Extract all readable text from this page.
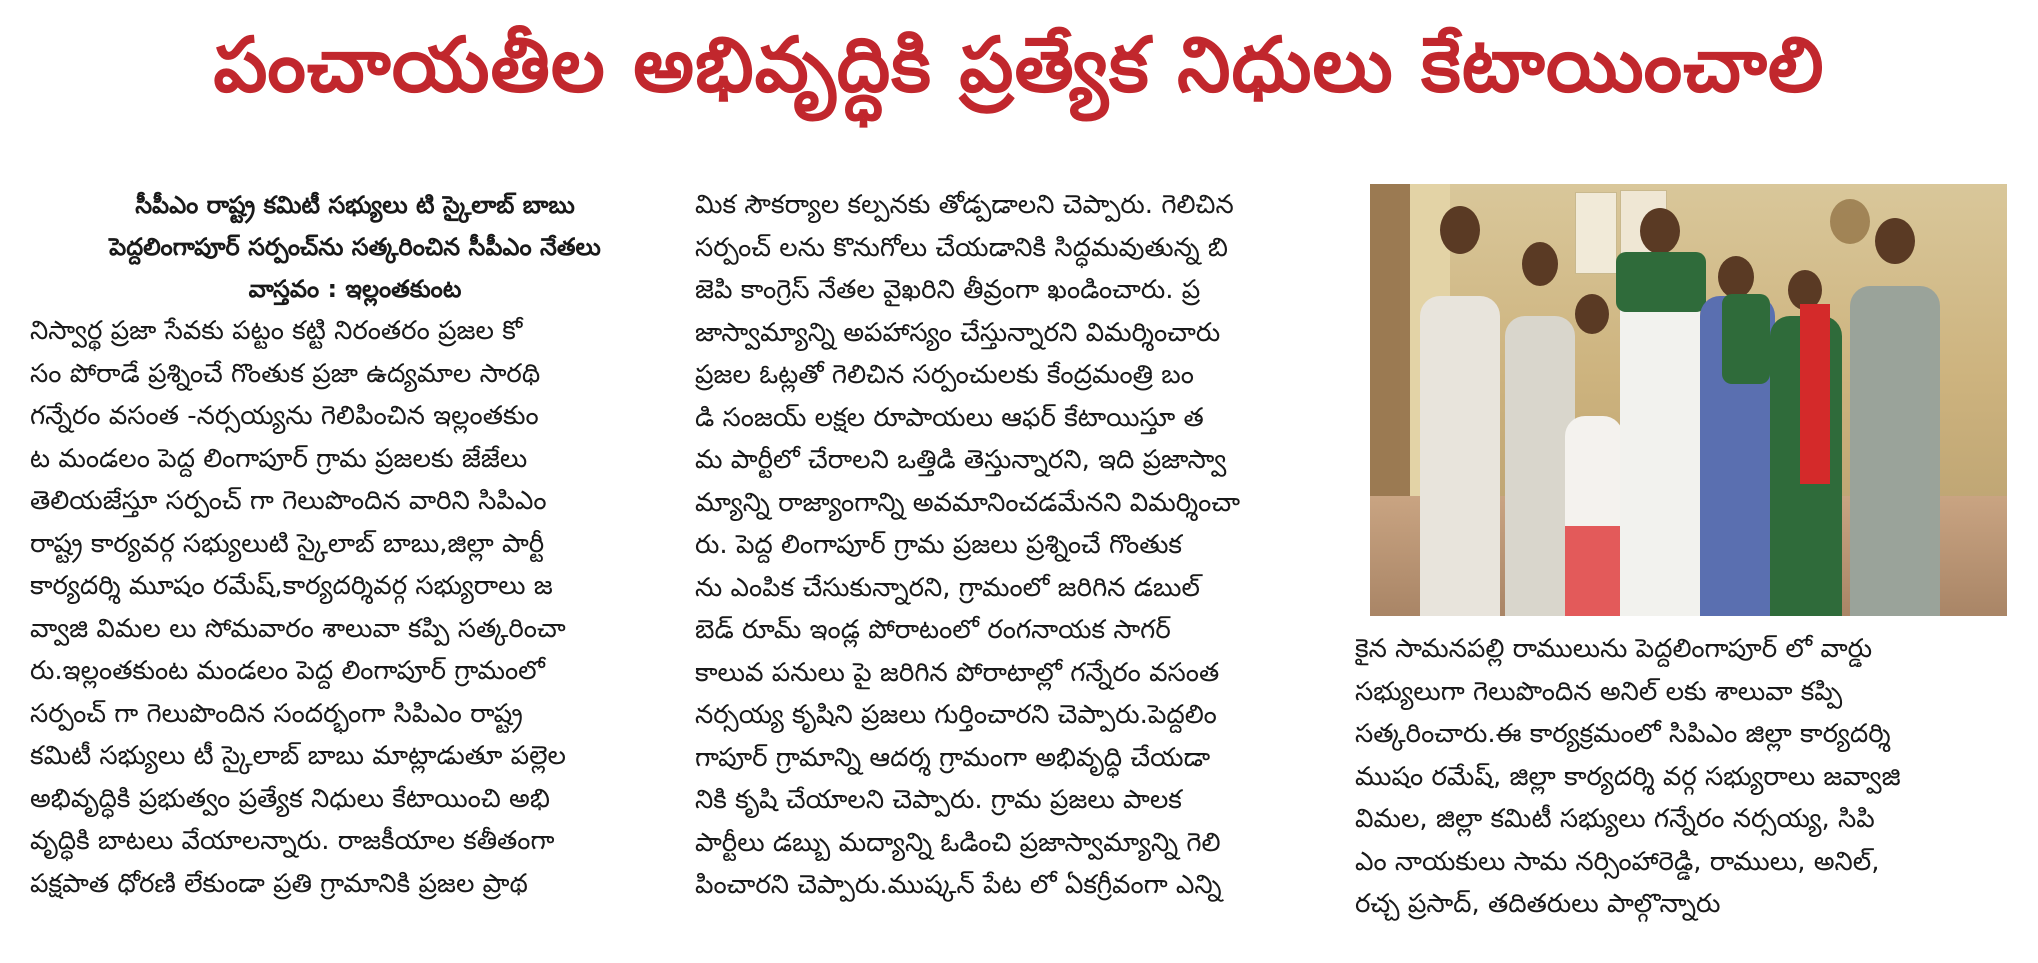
పంచాయతీల అభివృద్ధికి ప్రత్యేక నిధులు కేటాయించాలి
సీపీఎం రాష్ట్ర కమిటీ సభ్యులు టి స్కైలాబ్ బాబు
పెద్దలింగాపూర్ సర్పంచ్‌ను సత్కరించిన సీపీఎం నేతలు
వాస్తవం : ఇల్లంతకుంట
నిస్వార్థ ప్రజా సేవకు పట్టం కట్టి నిరంతరం ప్రజల కో
సం పోరాడే ప్రశ్నించే గొంతుక ప్రజా ఉద్యమాల సారథి
గన్నేరం వసంత -నర్సయ్యను గెలిపించిన ఇల్లంతకుం
ట మండలం పెద్ద లింగాపూర్ గ్రామ ప్రజలకు జేజేలు
తెలియజేస్తూ సర్పంచ్ గా గెలుపొందిన వారిని సిపిఎం
రాష్ట్ర కార్యవర్గ సభ్యులుటి స్కైలాబ్ బాబు,జిల్లా పార్టీ
కార్యదర్శి మూషం రమేష్,కార్యదర్శివర్గ సభ్యురాలు జ
వ్వాజి విమల లు సోమవారం శాలువా కప్పి సత్కరించా
రు.ఇల్లంతకుంట మండలం పెద్ద లింగాపూర్ గ్రామంలో
సర్పంచ్ గా గెలుపొందిన సందర్భంగా సిపిఎం రాష్ట్ర
కమిటీ సభ్యులు టీ స్కైలాబ్ బాబు మాట్లాడుతూ పల్లెల
అభివృద్ధికి ప్రభుత్వం ప్రత్యేక నిధులు కేటాయించి అభి
వృద్ధికి బాటలు వేయాలన్నారు. రాజకీయాల కతీతంగా
పక్షపాత ధోరణి లేకుండా ప్రతి గ్రామానికి ప్రజల ప్రాథ
మిక సౌకర్యాల కల్పనకు తోడ్పడాలని చెప్పారు. గెలిచిన
సర్పంచ్ లను కొనుగోలు చేయడానికి సిద్ధమవుతున్న బి
జెపి కాంగ్రెస్ నేతల వైఖరిని తీవ్రంగా ఖండించారు. ప్ర
జాస్వామ్యాన్ని అపహాస్యం చేస్తున్నారని విమర్శించారు
ప్రజల ఓట్లతో గెలిచిన సర్పంచులకు కేంద్రమంత్రి బం
డి సంజయ్ లక్షల రూపాయలు ఆఫర్ కేటాయిస్తూ త
మ పార్టీలో చేరాలని ఒత్తిడి తెస్తున్నారని, ఇది ప్రజాస్వా
మ్యాన్ని రాజ్యాంగాన్ని అవమానించడమేనని విమర్శించా
రు. పెద్ద లింగాపూర్ గ్రామ ప్రజలు ప్రశ్నించే గొంతుక
ను ఎంపిక చేసుకున్నారని, గ్రామంలో జరిగిన డబుల్
బెడ్ రూమ్ ఇండ్ల పోరాటంలో రంగనాయక సాగర్
కాలువ పనులు పై జరిగిన పోరాటాల్లో గన్నేరం వసంత
నర్సయ్య కృషిని ప్రజలు గుర్తించారని చెప్పారు.పెద్దలిం
గాపూర్ గ్రామాన్ని ఆదర్శ గ్రామంగా అభివృద్ధి చేయడా
నికి కృషి చేయాలని చెప్పారు. గ్రామ ప్రజలు పాలక
పార్టీలు డబ్బు మద్యాన్ని ఓడించి ప్రజాస్వామ్యాన్ని గెలి
పించారని చెప్పారు.ముష్కన్ పేట లో ఏకగ్రీవంగా ఎన్ని
కైన సామనపల్లి రాములును పెద్దలింగాపూర్ లో వార్డు
సభ్యులుగా గెలుపొందిన అనిల్ లకు శాలువా కప్పి
సత్కరించారు.ఈ కార్యక్రమంలో సిపిఎం జిల్లా కార్యదర్శి
ముషం రమేష్, జిల్లా కార్యదర్శి వర్గ సభ్యురాలు జవ్వాజి
విమల, జిల్లా కమిటీ సభ్యులు గన్నేరం నర్సయ్య, సిపి
ఎం నాయకులు సామ నర్సింహారెడ్డి, రాములు, అనిల్,
రచ్చ ప్రసాద్, తదితరులు పాల్గొన్నారు
